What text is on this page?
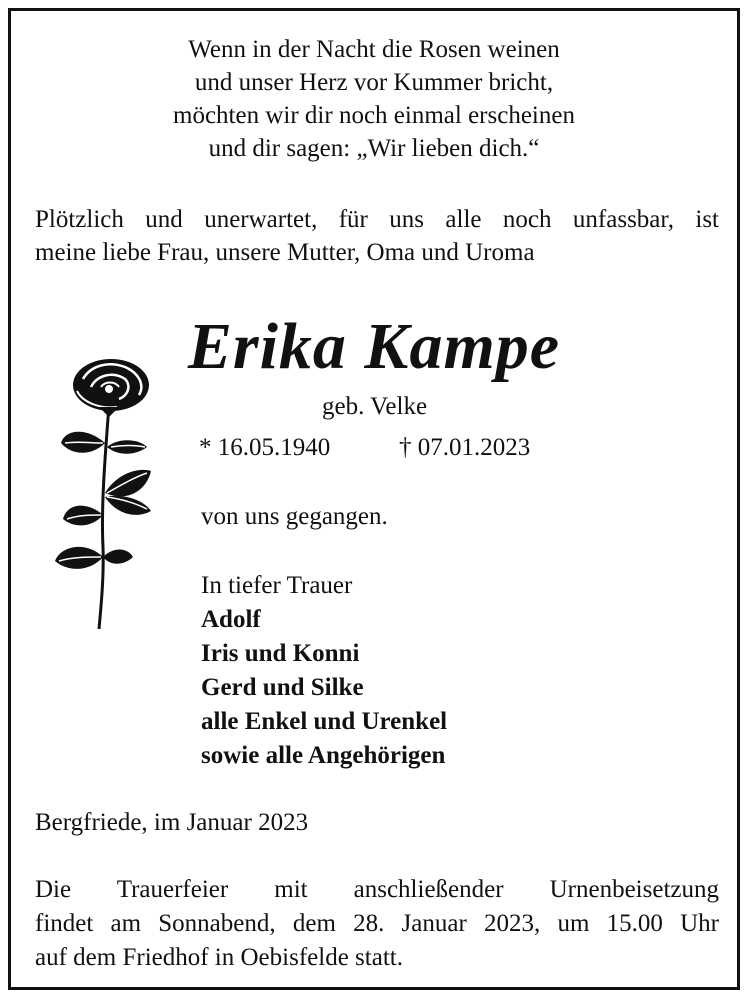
Wenn in der Nacht die Rosen weinen
und unser Herz vor Kummer bricht,
möchten wir dir noch einmal erscheinen
und dir sagen: „Wir lieben dich.“
Plötzlich und unerwartet, für uns alle noch unfassbar, ist
meine liebe Frau, unsere Mutter, Oma und Uroma
Erika Kampe
geb. Velke
* 16.05.1940	† 07.01.2023
von uns gegangen.
In tiefer Trauer
Adolf
Iris und Konni
Gerd und Silke
alle Enkel und Urenkel
sowie alle Angehörigen
Bergfriede, im Januar 2023
Die Trauerfeier mit anschließender Urnenbeisetzung
findet am Sonnabend, dem 28. Januar 2023, um 15.00 Uhr
auf dem Friedhof in Oebisfelde statt.
